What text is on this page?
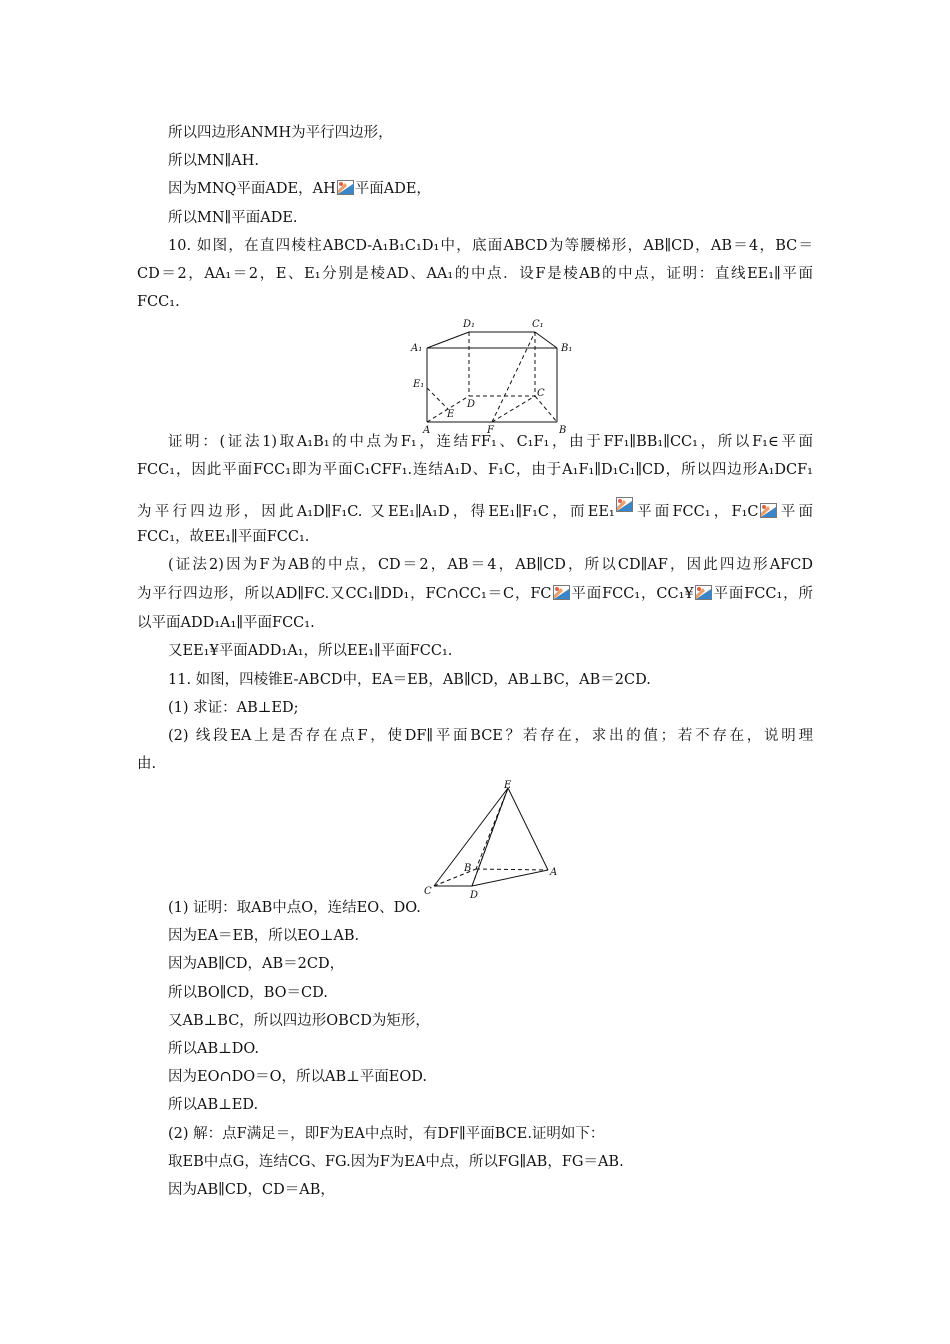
所以四边形ANMH为平行四边形，
所以MN∥AH.
因为MNQ平面ADE，AH 平面ADE，
所以MN∥平面ADE.
10. 如图，在直四棱柱ABCD-A₁B₁C₁D₁中，底面ABCD为等腰梯形，AB∥CD，AB＝4，BC＝
CD＝2，AA₁＝2，E、E₁分别是棱AD、AA₁的中点．设F是棱AB的中点，证明：直线EE₁∥平面
FCC₁.
D₁	C₁
A₁	B₁
E₁
D
C
E
A	F	B
证明：(证法1)取A₁B₁的中点为F₁，连结FF₁、C₁F₁，由于FF₁∥BB₁∥CC₁，所以F₁∈平面
FCC₁，因此平面FCC₁即为平面C₁CFF₁.连结A₁D、F₁C，由于A₁F₁∥D₁C₁∥CD，所以四边形A₁DCF₁
为平行四边形，因此A₁D∥F₁C. 又EE₁∥A₁D，得EE₁∥F₁C，而EE₁ 平面FCC₁，F₁C 平面
FCC₁，故EE₁∥平面FCC₁.
(证法2)因为F为AB的中点，CD＝2，AB＝4，AB∥CD，所以CD∥AF，因此四边形AFCD
为平行四边形，所以AD∥FC.又CC₁∥DD₁，FC∩CC₁＝C，FC 平面FCC₁，CC₁¥ 平面FCC₁，所
以平面ADD₁A₁∥平面FCC₁.
又EE₁¥平面ADD₁A₁，所以EE₁∥平面FCC₁.
11. 如图，四棱锥E-ABCD中，EA＝EB，AB∥CD，AB⊥BC，AB＝2CD.
(1) 求证：AB⊥ED;
(2) 线段EA上是否存在点F，使DF∥平面BCE？若存在，求出的值；若不存在，说明理
由.
E
B	A
C	D
(1) 证明：取AB中点O，连结EO、DO.
因为EA＝EB，所以EO⊥AB.
因为AB∥CD，AB＝2CD，
所以BO∥CD，BO＝CD.
又AB⊥BC，所以四边形OBCD为矩形，
所以AB⊥DO.
因为EO∩DO＝O，所以AB⊥平面EOD.
所以AB⊥ED.
(2) 解：点F满足＝，即F为EA中点时，有DF∥平面BCE.证明如下：
取EB中点G，连结CG、FG.因为F为EA中点，所以FG∥AB，FG＝AB.
因为AB∥CD，CD＝AB，
